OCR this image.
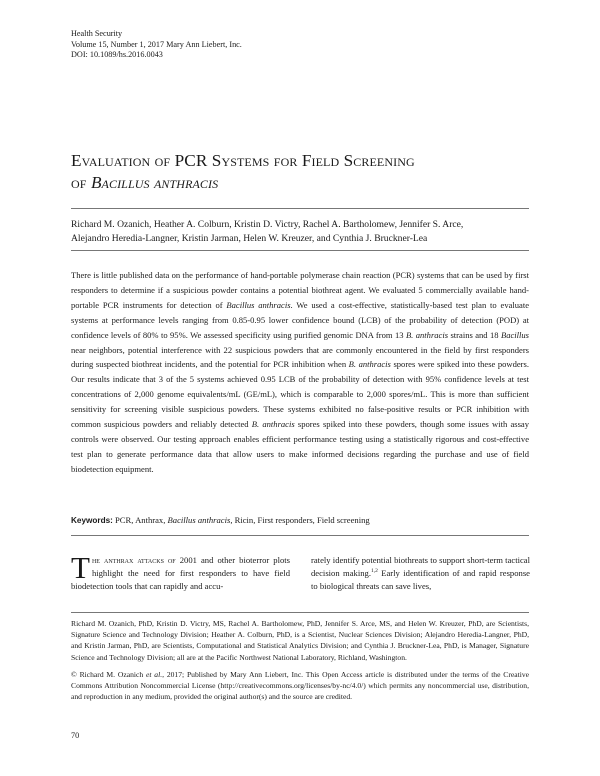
Health Security
Volume 15, Number 1, 2017 Mary Ann Liebert, Inc.
DOI: 10.1089/hs.2016.0043
Evaluation of PCR Systems for Field Screening
of Bacillus anthracis
Richard M. Ozanich, Heather A. Colburn, Kristin D. Victry, Rachel A. Bartholomew, Jennifer S. Arce,
Alejandro Heredia-Langner, Kristin Jarman, Helen W. Kreuzer, and Cynthia J. Bruckner-Lea
There is little published data on the performance of hand-portable polymerase chain reaction (PCR) systems that can be used by first responders to determine if a suspicious powder contains a potential biothreat agent. We evaluated 5 commercially available hand-portable PCR instruments for detection of Bacillus anthracis. We used a cost-effective, statistically-based test plan to evaluate systems at performance levels ranging from 0.85-0.95 lower confidence bound (LCB) of the probability of detection (POD) at confidence levels of 80% to 95%. We assessed specificity using purified genomic DNA from 13 B. anthracis strains and 18 Bacillus near neighbors, potential interference with 22 suspicious powders that are commonly encountered in the field by first responders during suspected biothreat incidents, and the potential for PCR inhibition when B. anthracis spores were spiked into these powders. Our results indicate that 3 of the 5 systems achieved 0.95 LCB of the probability of detection with 95% confidence levels at test concentrations of 2,000 genome equivalents/mL (GE/mL), which is comparable to 2,000 spores/mL. This is more than sufficient sensitivity for screening visible suspicious powders. These systems exhibited no false-positive results or PCR inhibition with common suspicious powders and reliably detected B. anthracis spores spiked into these powders, though some issues with assay controls were observed. Our testing approach enables efficient performance testing using a statistically rigorous and cost-effective test plan to generate performance data that allow users to make informed decisions regarding the purchase and use of field biodetection equipment.
Keywords: PCR, Anthrax, Bacillus anthracis, Ricin, First responders, Field screening
The anthrax attacks of 2001 and other bioterror plots highlight the need for first responders to have field biodetection tools that can rapidly and accu-
rately identify potential biothreats to support short-term tactical decision making.$^{1,2}$ Early identification of and rapid response to biological threats can save lives,
Richard M. Ozanich, PhD, Kristin D. Victry, MS, Rachel A. Bartholomew, PhD, Jennifer S. Arce, MS, and Helen W. Kreuzer, PhD, are Scientists, Signature Science and Technology Division; Heather A. Colburn, PhD, is a Scientist, Nuclear Sciences Division; Alejandro Heredia-Langner, PhD, and Kristin Jarman, PhD, are Scientists, Computational and Statistical Analytics Division; and Cynthia J. Bruckner-Lea, PhD, is Manager, Signature Science and Technology Division; all are at the Pacific Northwest National Laboratory, Richland, Washington.
© Richard M. Ozanich et al., 2017; Published by Mary Ann Liebert, Inc. This Open Access article is distributed under the terms of the Creative Commons Attribution Noncommercial License (http://creativecommons.org/licenses/by-nc/4.0/) which permits any noncommercial use, distribution, and reproduction in any medium, provided the original author(s) and the source are credited.
70
